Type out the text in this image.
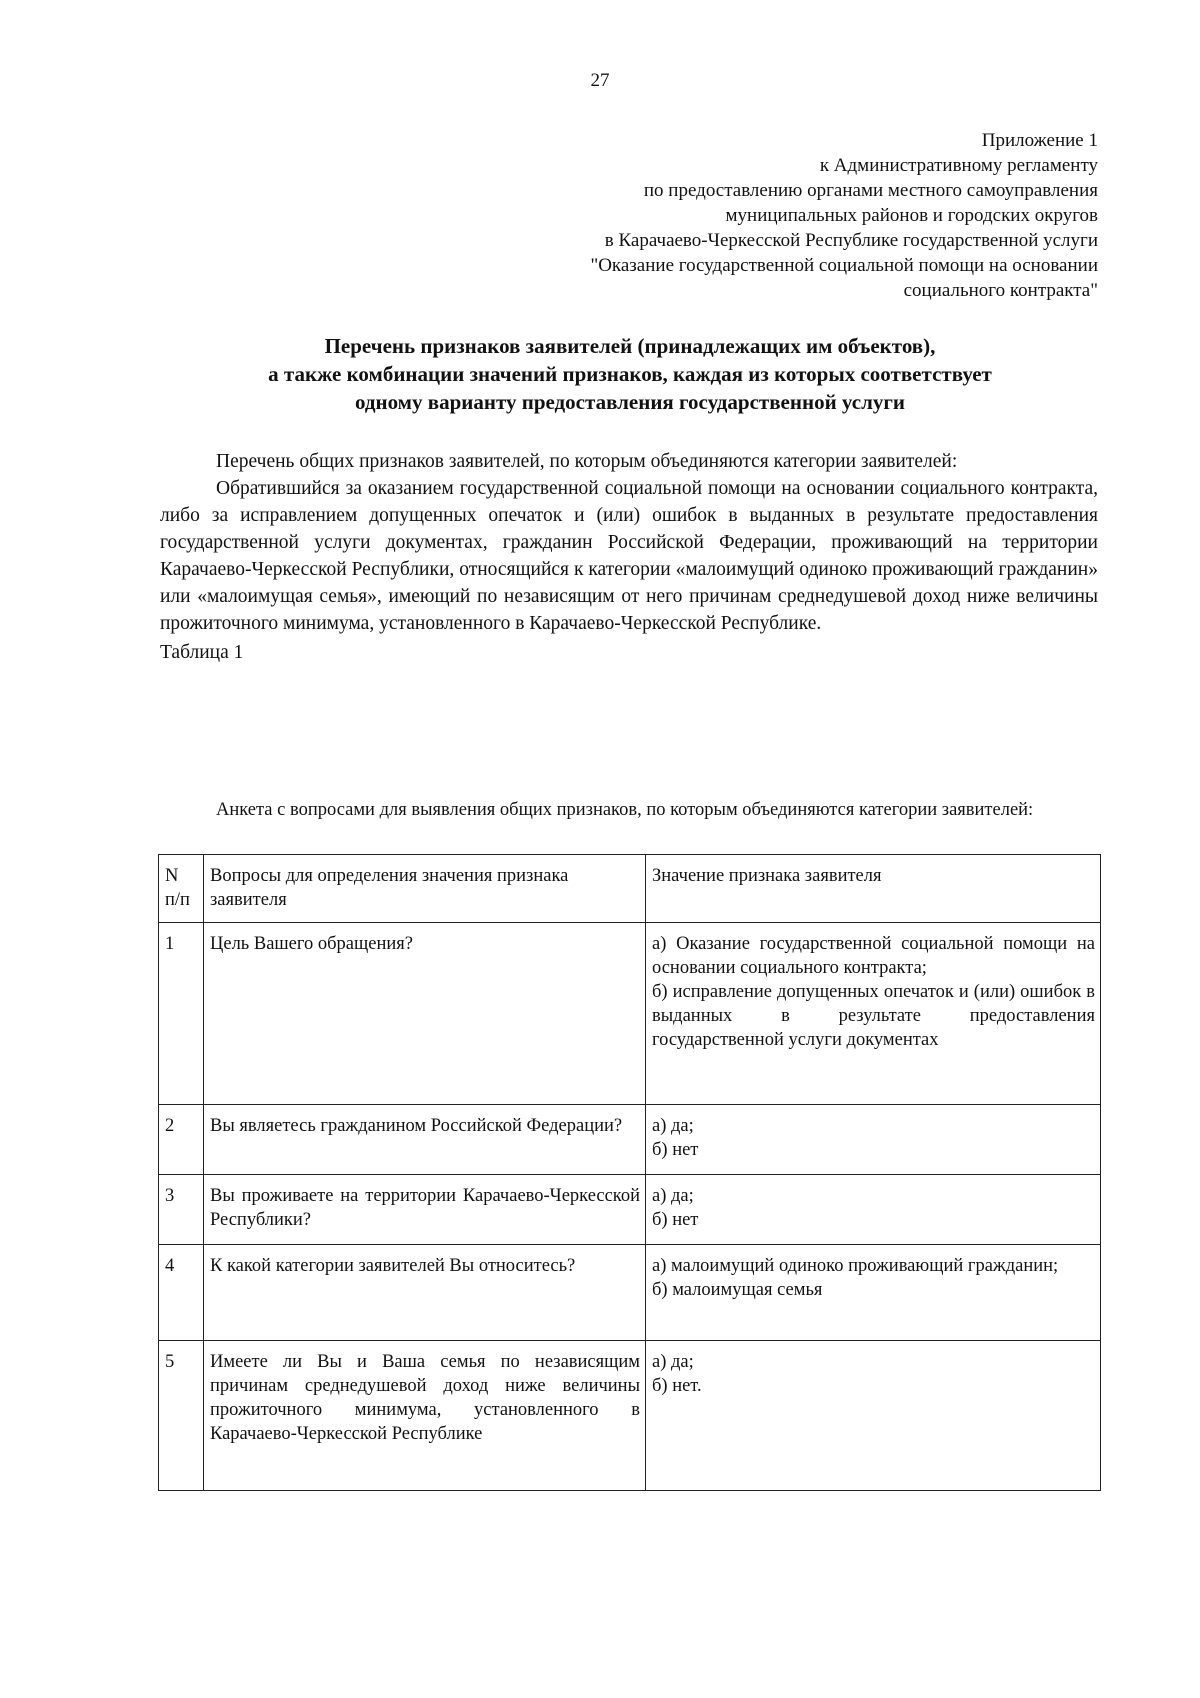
27
Приложение 1
к Административному регламенту
по предоставлению органами местного самоуправления
муниципальных районов и городских округов
в Карачаево-Черкесской Республике государственной услуги
"Оказание государственной социальной помощи на основании
социального контракта"
Перечень признаков заявителей (принадлежащих им объектов),
а также комбинации значений признаков, каждая из которых соответствует
одному варианту предоставления государственной услуги

Перечень общих признаков заявителей, по которым объединяются категории заявителей:

Обратившийся за оказанием государственной социальной помощи на основании социального контракта, либо за исправлением допущенных опечаток и (или) ошибок в выданных в результате предоставления государственной услуги документах, гражданин Российской Федерации, проживающий на территории Карачаево-Черкесской Республики, относящийся к категории «малоимущий одиноко проживающий гражданин» или «малоимущая семья», имеющий по независящим от него причинам среднедушевой доход ниже величины прожиточного минимума, установленного в Карачаево-Черкесской Республике.

Таблица 1

Анкета с вопросами для выявления общих признаков, по которым объединяются категории заявителей:

N п/п	Вопросы для определения значения признака заявителя	Значение признака заявителя
1	Цель Вашего обращения?	а) Оказание государственной социальной помощи на основании социального контракта;
б) исправление допущенных опечаток и (или) ошибок в выданных в результате предоставления государственной услуги документах

2	Вы являетесь гражданином Российской Федерации?	а) да;
б) нет

3	Вы проживаете на территории Карачаево-Черкесской Республики?	а) да;
б) нет

4	К какой категории заявителей Вы относитесь?	а) малоимущий одиноко проживающий гражданин;
б) малоимущая семья

5	Имеете ли Вы и Ваша семья по независящим причинам среднедушевой доход ниже величины прожиточного минимума, установленного в Карачаево-Черкесской Республике	а) да;
б) нет.
